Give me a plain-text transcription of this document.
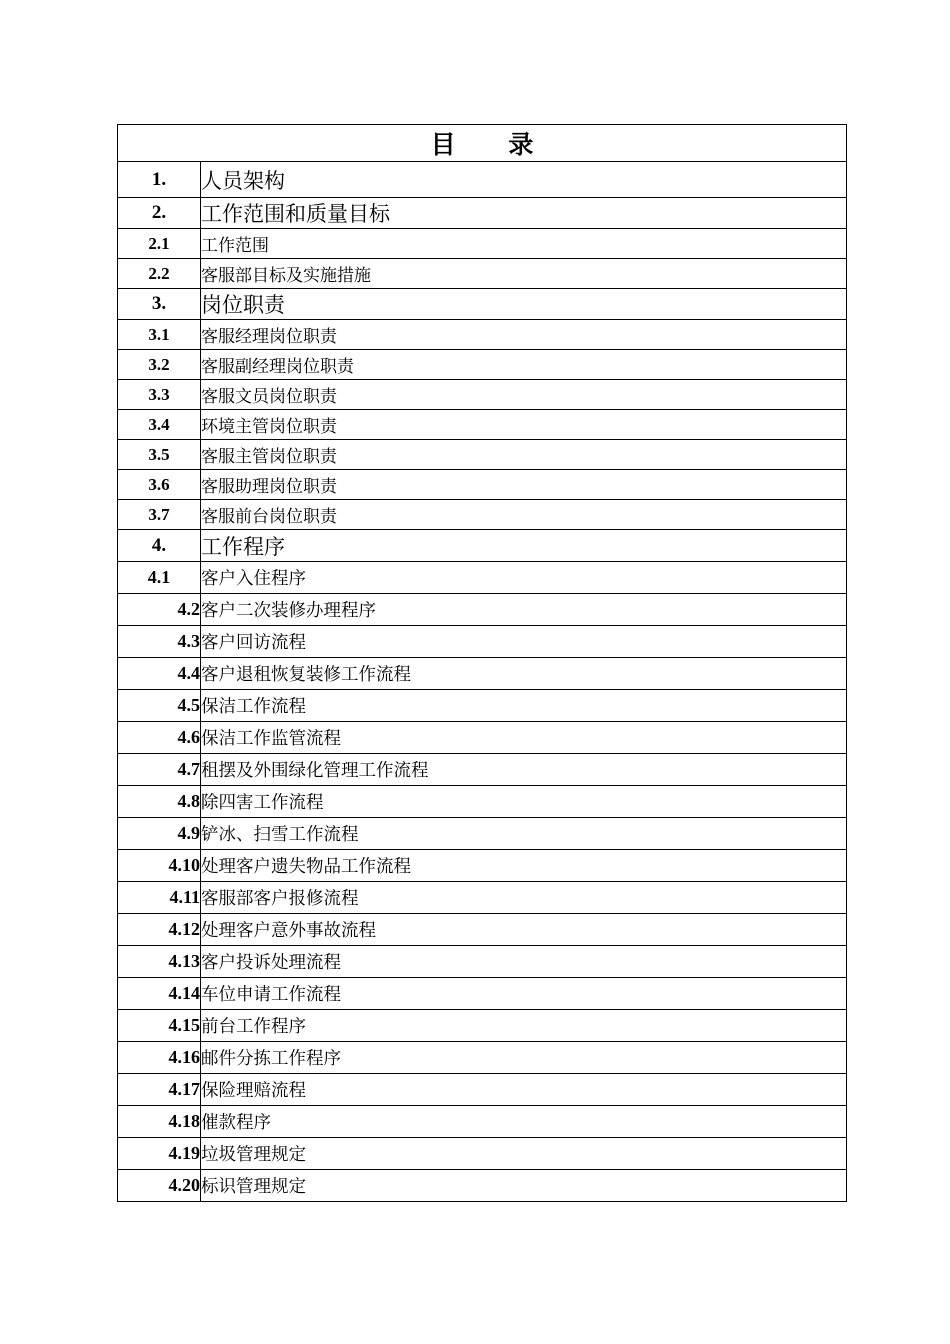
目 录	
1.	人员架构
2.	工作范围和质量目标
2.1	工作范围
2.2	客服部目标及实施措施
3.	岗位职责
3.1	客服经理岗位职责
3.2	客服副经理岗位职责
3.3	客服文员岗位职责
3.4	环境主管岗位职责
3.5	客服主管岗位职责
3.6	客服助理岗位职责
3.7	客服前台岗位职责
4.	工作程序
4.1	客户入住程序
4.2	客户二次装修办理程序
4.3	客户回访流程
4.4	客户退租恢复装修工作流程
4.5	保洁工作流程
4.6	保洁工作监管流程
4.7	租摆及外围绿化管理工作流程
4.8	除四害工作流程
4.9	铲冰、扫雪工作流程
4.10	处理客户遗失物品工作流程
4.11	客服部客户报修流程
4.12	处理客户意外事故流程
4.13	客户投诉处理流程
4.14	车位申请工作流程
4.15	前台工作程序
4.16	邮件分拣工作程序
4.17	保险理赔流程
4.18	催款程序
4.19	垃圾管理规定
4.20	标识管理规定
